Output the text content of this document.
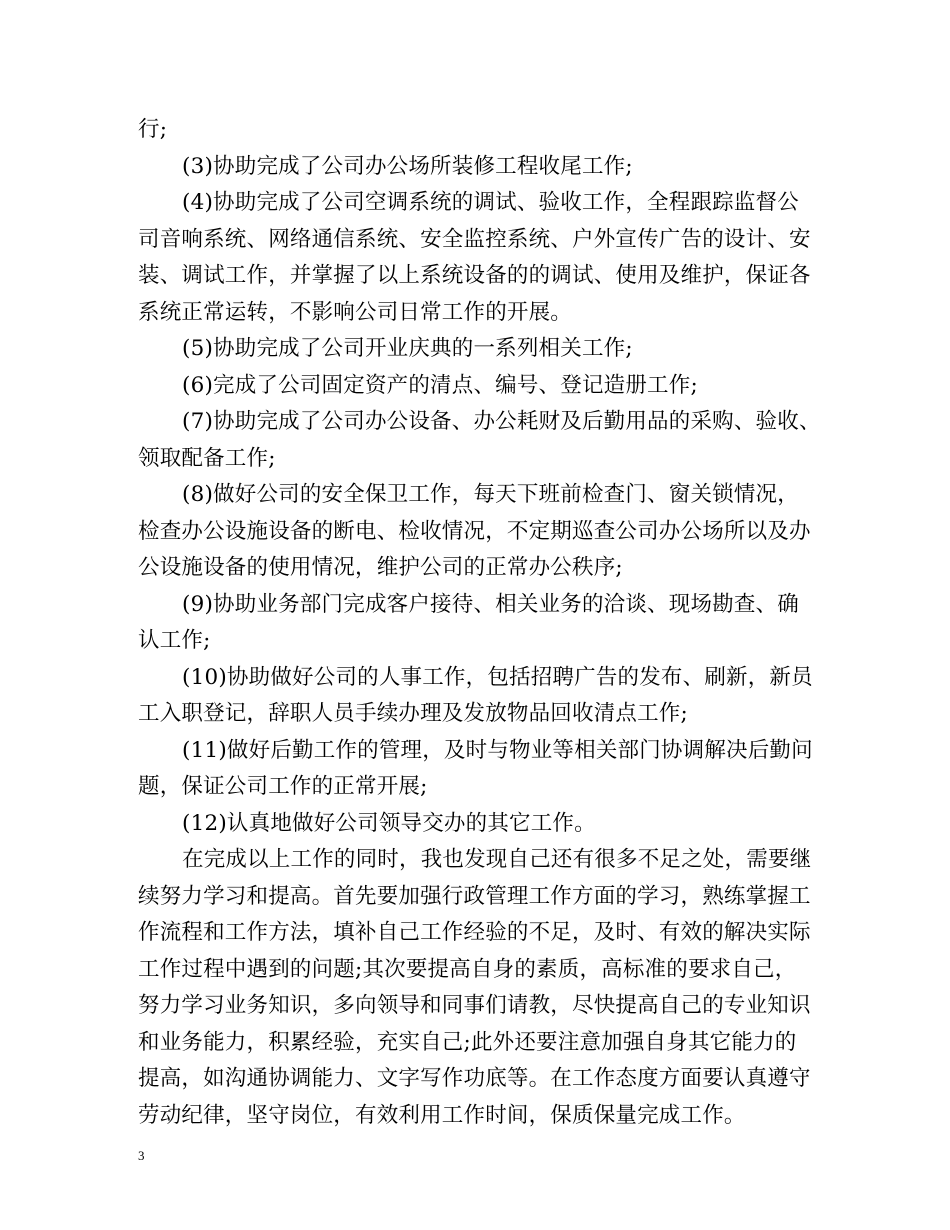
行;
(3)协助完成了公司办公场所装修工程收尾工作;
(4)协助完成了公司空调系统的调试、验收工作，全程跟踪监督公
司音响系统、网络通信系统、安全监控系统、户外宣传广告的设计、安
装、调试工作，并掌握了以上系统设备的的调试、使用及维护，保证各
系统正常运转，不影响公司日常工作的开展。
(5)协助完成了公司开业庆典的一系列相关工作;
(6)完成了公司固定资产的清点、编号、登记造册工作;
(7)协助完成了公司办公设备、办公耗财及后勤用品的采购、验收、
领取配备工作;
(8)做好公司的安全保卫工作，每天下班前检查门、窗关锁情况，
检查办公设施设备的断电、检收情况，不定期巡查公司办公场所以及办
公设施设备的使用情况，维护公司的正常办公秩序;
(9)协助业务部门完成客户接待、相关业务的洽谈、现场勘查、确
认工作;
(10)协助做好公司的人事工作，包括招聘广告的发布、刷新，新员
工入职登记，辞职人员手续办理及发放物品回收清点工作;
(11)做好后勤工作的管理，及时与物业等相关部门协调解决后勤问
题，保证公司工作的正常开展;
(12)认真地做好公司领导交办的其它工作。
在完成以上工作的同时，我也发现自己还有很多不足之处，需要继
续努力学习和提高。首先要加强行政管理工作方面的学习，熟练掌握工
作流程和工作方法，填补自己工作经验的不足，及时、有效的解决实际
工作过程中遇到的问题;其次要提高自身的素质，高标准的要求自己，
努力学习业务知识，多向领导和同事们请教，尽快提高自己的专业知识
和业务能力，积累经验，充实自己;此外还要注意加强自身其它能力的
提高，如沟通协调能力、文字写作功底等。在工作态度方面要认真遵守
劳动纪律，坚守岗位，有效利用工作时间，保质保量完成工作。
3
